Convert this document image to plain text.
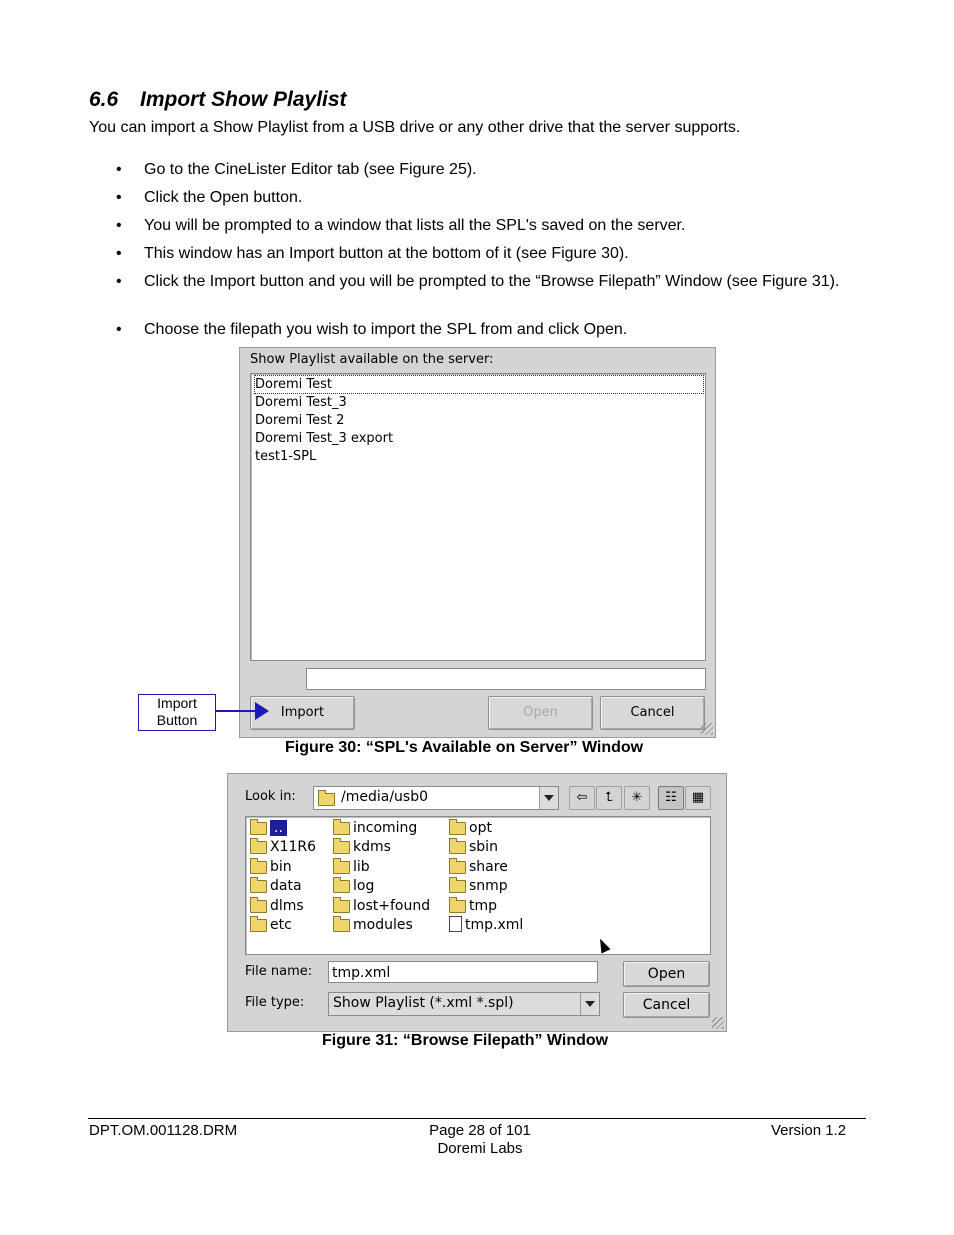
6.6 Import Show Playlist
You can import a Show Playlist from a USB drive or any other drive that the server supports.
• Go to the CineLister Editor tab (see Figure 25).
• Click the Open button.
• You will be prompted to a window that lists all the SPL's saved on the server.
• This window has an Import button at the bottom of it (see Figure 30).
• Click the Import button and you will be prompted to the “Browse Filepath” Window (see Figure 31).
• Choose the filepath you wish to import the SPL from and click Open.
Show Playlist available on the server:
Doremi Test
Doremi Test_3
Doremi Test 2
Doremi Test_3 export
test1-SPL
Import	Open	Cancel
Import
Button
Figure 30: “SPL's Available on Server” Window
Look in:	/media/usb0	⇦	⮤	✳	☷	▦
..
X11R6
bin
data
dlms
etc
incoming
kdms
lib
log
lost+found
modules
opt
sbin
share
snmp
tmp
tmp.xml
File name: tmp.xml	Open
File type: Show Playlist (*.xml *.spl)	Cancel
Figure 31: “Browse Filepath” Window
DPT.OM.001128.DRM	Page 28 of 101
Doremi Labs
Version 1.2
